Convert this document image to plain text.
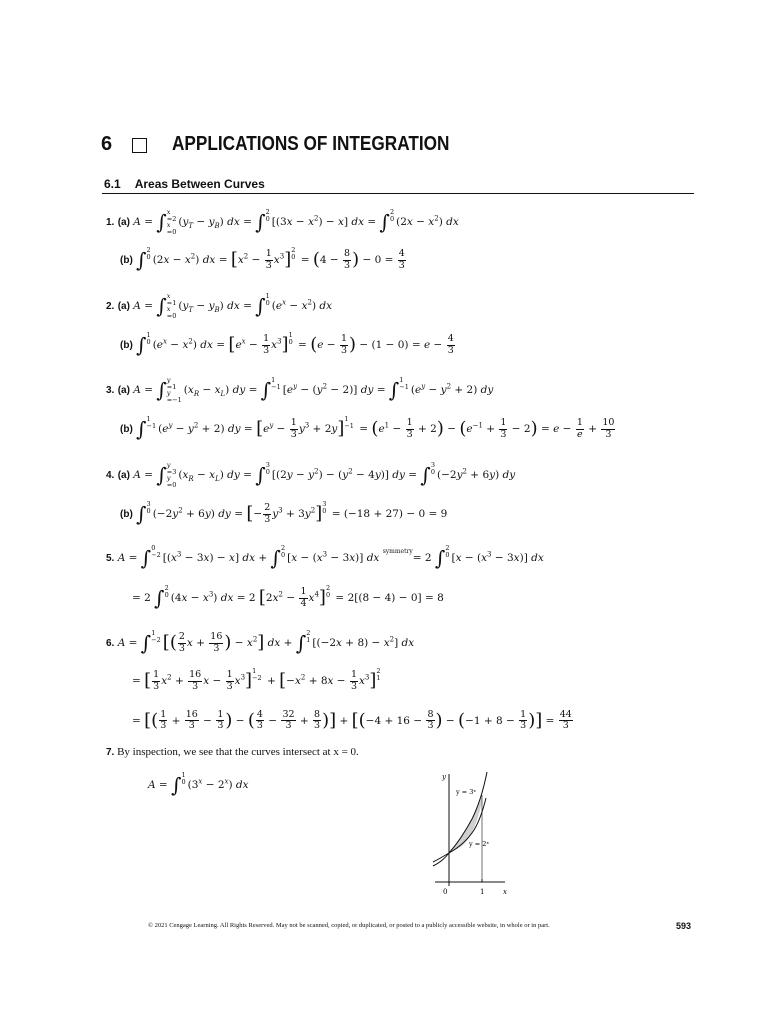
6	APPLICATIONS OF INTEGRATION
6.1 Areas Between Curves
1. (a) A = ∫ x
=2

x
$=0(y_T - y_B)$ dx = ∫2
0 $[(3x - x^2) - x]$ dx = ∫2
0 $(2x - x^2)$ dx
(b) ∫2
0 $(2x - x^2)$ dx = $[x^2 - \frac{1}{3} x^3]2$
$0 = (4 - \frac{8}{3}$ ) − $0 = \frac{4}{3}$
2. (a) A = ∫ x
=1

x
$=0(y_T - y_B)$ dx = ∫1
0 $(e^x - x^2)$ dx
(b) ∫1
0 $(e^x - x^2)$ dx = $[e^x - \frac{1}{3} x^3]1$
$0 = (e - \frac{1}{3}$ ) − $(1 - 0) = e - \frac{4}{3}$
3. (a) A = ∫ y
=1

y
$=-1(x_R - x_L)$ dy = ∫1
−1 $[e^y - (y^2 - 2)]$ dy = ∫1
−1 $(e^y - y^2 + 2)$ dy
(b) ∫1
−1 $(e^y - y^2 + 2)$ dy = $[e^y - \frac{1}{3} y^3 + 2y]1$
$-1 = (e^1 - \frac{1}{3} + 2) - (e^{-1} + \frac{1}{3} - 2) = e - \frac{1}{e} + \frac{10}{3}$
4. (a) A = ∫ y
=3

y
$=0(x_R - x_L)$ dy = ∫3
0 $[(2y - y^2) - (y^2 - 4y)]$ dy = ∫3
0 $(-2y^2 + 6y)$ dy
(b) ∫3
0 $(-2y^2 + 6y)$ dy = [− $\frac{2}{3} y^3 + 3y^2]3$
0 = (−18 + 27) − 0 = 9
5. A = ∫0
−2 $[(x^3 - 3x) - x]$ dx + ∫2
0 $[x - (x^3 - 3x)]$ dx $^{symmetry}$= 2 ∫2
0 $[x - (x^3 - 3x)]$ dx
= 2 ∫2
0 $(4x - x^3)$ dx = 2 $[2x^2 - \frac{1}{4} x^4]2$
0 = 2[(8 − 4) − 0] = 8
6. A = ∫1
−2 [( $\frac{2}{3}$ $x + \frac{16}{3}$ ) − $x^2$] dx + ∫2
1 $[(-2x + 8) - x^2]$ dx
= [ $\frac{1}{3} x^2 + \frac{16}{3}$ $x - \frac{1}{3} x^3]1$
$-2 + [-x^2 + 8x - \frac{1}{3} x^3]2$
1
= [( $\frac{1}{3} + \frac{16}{3} - \frac{1}{3}$ ) − ( $\frac{4}{3} - \frac{32}{3} + \frac{8}{3}$ )] + [($-4 + 16 - \frac{8}{3}$ ) − ($-1 + 8 - \frac{1}{3}$ )] = $\frac{44}{3}$
7. By inspection, we see that the curves intersect at x = 0.
A = ∫1
0 $(3^x - 2^x)$ dx
y
x
0	1
y = 3ˣ
y = 2ˣ
© 2021 Cengage Learning. All Rights Reserved. May not be scanned, copied, or duplicated, or posted to a publicly accessible website, in whole or in part.	593
